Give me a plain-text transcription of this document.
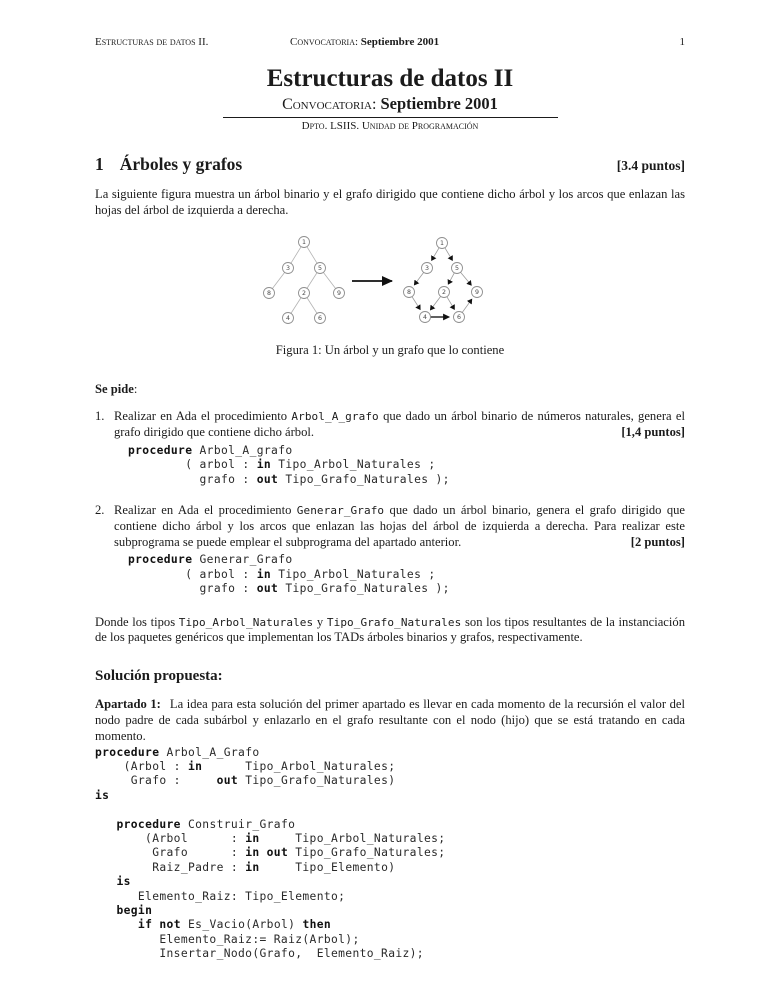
Estructuras de datos II.	1
Convocatoria: Septiembre 2001
Estructuras de datos II
Convocatoria: Septiembre 2001
Dpto. LSIIS. Unidad de Programación
1 Árboles y grafos	[3.4 puntos]

La siguiente figura muestra un árbol binario y el grafo dirigido que contiene dicho árbol y los arcos que enlazan las hojas del árbol de izquierda a derecha.

1
3	5
8	2	9
4	6
1
3	5
8	2	9
4	6
Figura 1: Un árbol y un grafo que lo contiene

Se pide:

1. Realizar en Ada el procedimiento Arbol_A_grafo que dado un árbol binario de números naturales, genera el grafo dirigido que contiene dicho árbol.	[1,4 puntos]

procedure Arbol_A_grafo
( arbol : in Tipo_Arbol_Naturales ;
grafo : out Tipo_Grafo_Naturales );
2. Realizar en Ada el procedimiento Generar_Grafo que dado un árbol binario, genera el grafo dirigido que contiene dicho árbol y los arcos que enlazan las hojas del árbol de izquierda a derecha. Para realizar este subprograma se puede emplear el subprograma del apartado anterior.	[2 puntos]

procedure Generar_Grafo
( arbol : in Tipo_Arbol_Naturales ;
grafo : out Tipo_Grafo_Naturales );

Donde los tipos Tipo_Arbol_Naturales y Tipo_Grafo_Naturales son los tipos resultantes de la instanciación de los paquetes genéricos que implementan los TADs árboles binarios y grafos, respectivamente.

Solución propuesta:

Apartado 1: La idea para esta solución del primer apartado es llevar en cada momento de la recursión el valor del nodo padre de cada subárbol y enlazarlo en el grafo resultante con el nodo (hijo) que se está tratando en cada momento.

procedure Arbol_A_Grafo
(Arbol : in      Tipo_Arbol_Naturales;
Grafo :     out Tipo_Grafo_Naturales)
is

procedure Construir_Grafo
(Arbol      : in     Tipo_Arbol_Naturales;
Grafo      : in out Tipo_Grafo_Naturales;
Raiz_Padre : in     Tipo_Elemento)
is
Elemento_Raiz: Tipo_Elemento;
begin
if not Es_Vacio(Arbol) then
Elemento_Raiz:= Raiz(Arbol);
Insertar_Nodo(Grafo,  Elemento_Raiz);
